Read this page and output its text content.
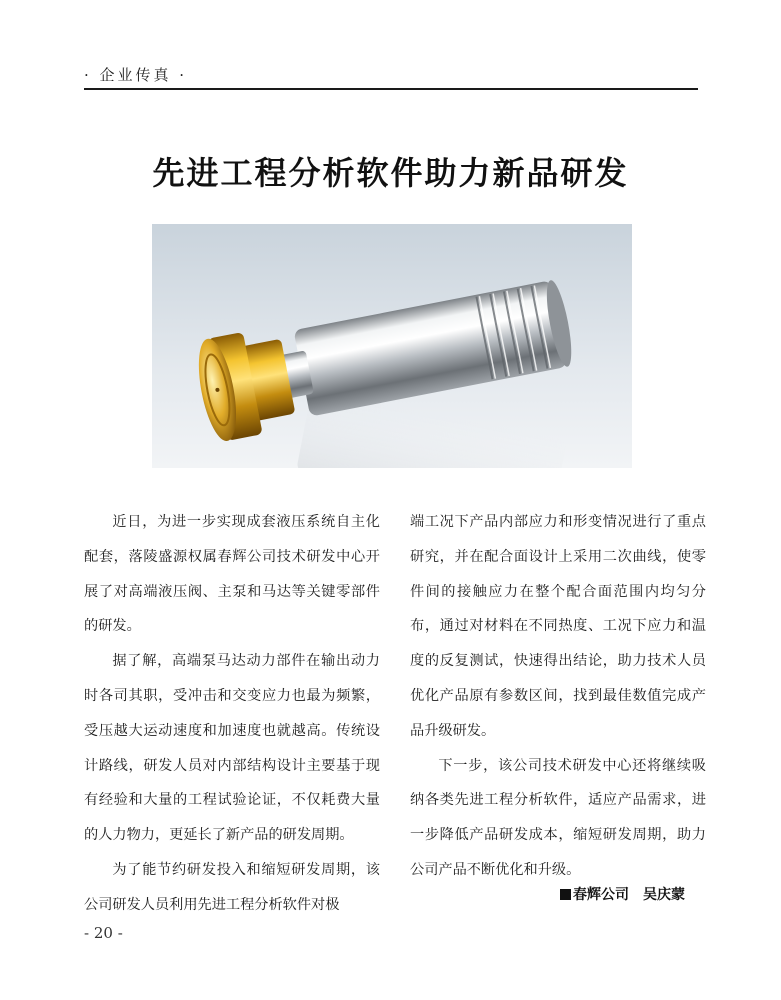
· 企业传真 ·
先进工程分析软件助力新品研发

近日，为进一步实现成套液压系统自主化配套，落陵盛源权属春辉公司技术研发中心开展了对高端液压阀、主泵和马达等关键零部件的研发。

据了解，高端泵马达动力部件在输出动力时各司其职，受冲击和交变应力也最为频繁，受压越大运动速度和加速度也就越高。传统设计路线，研发人员对内部结构设计主要基于现有经验和大量的工程试验论证，不仅耗费大量的人力物力，更延长了新产品的研发周期。

为了能节约研发投入和缩短研发周期，该公司研发人员利用先进工程分析软件对极

端工况下产品内部应力和形变情况进行了重点研究，并在配合面设计上采用二次曲线，使零件间的接触应力在整个配合面范围内均匀分布，通过对材料在不同热度、工况下应力和温度的反复测试，快速得出结论，助力技术人员优化产品原有参数区间，找到最佳数值完成产品升级研发。

下一步，该公司技术研发中心还将继续吸纳各类先进工程分析软件，适应产品需求，进一步降低产品研发成本，缩短研发周期，助力公司产品不断优化和升级。

春辉公司 吴庆蒙
- 20 -
